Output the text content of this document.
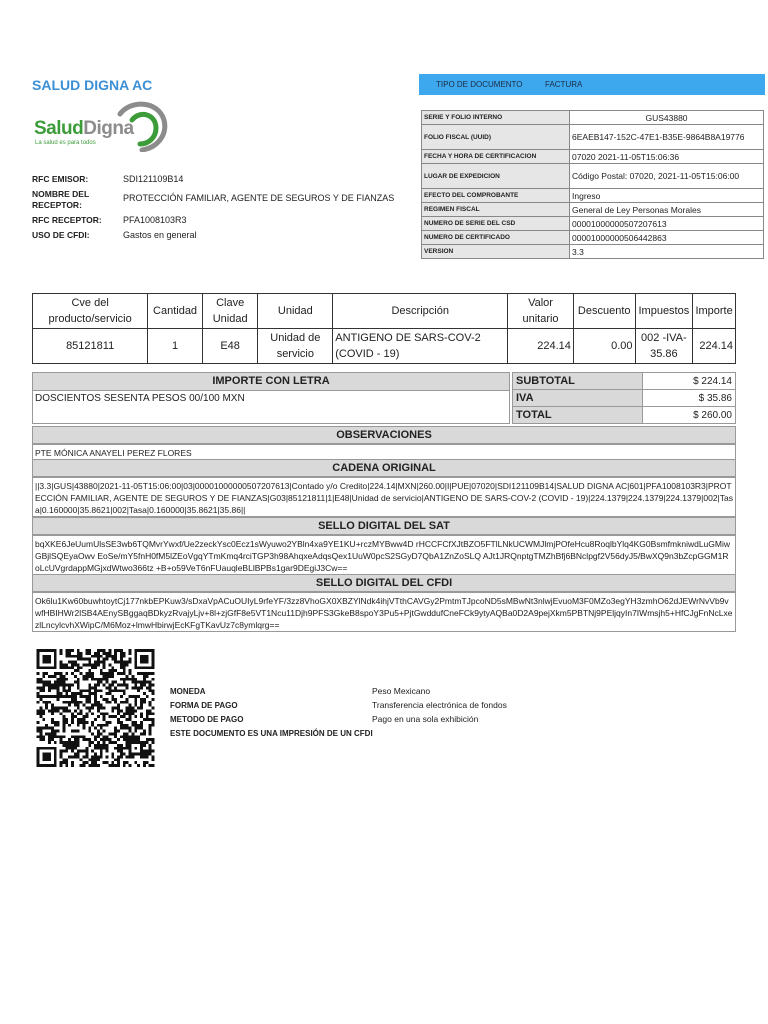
SALUD DIGNA AC
SaludDigna
La salud es para todos
RFC EMISOR:	SDI121109B14
NOMBRE DEL RECEPTOR:
PROTECCIÓN FAMILIAR, AGENTE DE SEGUROS Y DE FIANZAS
RFC RECEPTOR:	PFA1008103R3
USO DE CFDI:	Gastos en general
TIPO DE DOCUMENTO	FACTURA
SERIE Y FOLIO INTERNO	GUS43880
FOLIO FISCAL (UUID)	6EAEB147-152C-47E1-B35E-9864B8A19776
FECHA Y HORA DE CERTIFICACION	07020 2021-11-05T15:06:36
LUGAR DE EXPEDICION	Código Postal: 07020, 2021-11-05T15:06:00
EFECTO DEL COMPROBANTE	Ingreso
REGIMEN FISCAL	General de Ley Personas Morales
NUMERO DE SERIE DEL CSD	00001000000507207613
NUMERO DE CERTIFICADO	00001000000506442863
VERSION	3.3
Cve del producto/servicio	Cantidad	Clave Unidad	Unidad	Descripción	Valor unitario	Descuento	Impuestos	Importe
85121811	1	E48	Unidad de servicio	ANTIGENO DE SARS-COV-2 (COVID - 19)	224.14	0.00	002 -IVA- 35.86	224.14
IMPORTE CON LETRA
DOSCIENTOS SESENTA PESOS 00/100 MXN
SUBTOTAL	$ 224.14
IVA	$ 35.86
TOTAL	$ 260.00
OBSERVACIONES
PTE MÓNICA ANAYELI PEREZ FLORES
CADENA ORIGINAL
||3.3|GUS|43880|2021-11-05T15:06:00|03|00001000000507207613|Contado y/o Credito|224.14|MXN|260.00|I|PUE|07020|SDI121109B14|SALUD DIGNA AC|601|PFA1008103R3|PROTECCIÓN FAMILIAR, AGENTE DE SEGUROS Y DE FIANZAS|G03|85121811|1|E48|Unidad de servicio|ANTIGENO DE SARS-COV-2 (COVID - 19)|224.1379|224.1379|224.1379|002|Tasa|0.160000|35.8621|002|Tasa|0.160000|35.8621|35.86||
SELLO DIGITAL DEL SAT
bqXKE6JeUumUlsSE3wb6TQMvrYwxf/Ue2zeckYsc0Ecz1sWyuwo2YBln4xa9YE1KU+rczMYBww4D rHCCFCfXJtBZO5FTlLNkUCWMJlmjPOfeHcu8RoqlbYlq4KG0BsmfmkniwdLuGMiwGBjlSQEyaOwv EoSe/mY5fnH0fM5lZEoVgqYTmKmq4rciTGP3h98AhqxeAdqsQex1UuW0pcS2SGyD7QbA1ZnZoSLQ AJt1JRQnptgTMZhBfj6BNclpgf2V56dyJ5/BwXQ9n3bZcpGGM1RoLcUVgrdappMGjxdWtwo366tz +B+o59VeT6nFUauqleBLlBPBs1gar9DEgiJ3Cw==
SELLO DIGITAL DEL CFDI
Ok6lu1Kw60buwhtoytCj177nkbEPKuw3/sDxaVpACuOUIyL9rfeYF/3zz8VhoGX0XBZYlNdk4ihjVTthCAVGy2PmtmTJpcoND5sMBwNt3nlwjEvuoM3F0MZo3egYH3zmhO62dJEWrNvVb9vwfHBIHWr2lSB4AEnySBggaqBDkyzRvajyLjv+8l+zjGfF8e5VT1Ncu11Djh9PFS3GkeB8spoY3Pu5+PjtGwddufCneFCk9ytyAQBa0D2A9pejXkm5PBTNj9PEljqyIn7IWmsjh5+HfCJgFnNcLxezlLncylcvhXWipC/M6Moz+lmwHbirwjEcKFgTKavUz7c8ymlqrg==
MONEDA	Peso Mexicano
FORMA DE PAGO	Transferencia electrónica de fondos
METODO DE PAGO	Pago en una sola exhibición
ESTE DOCUMENTO ES UNA IMPRESIÓN DE UN CFDI
